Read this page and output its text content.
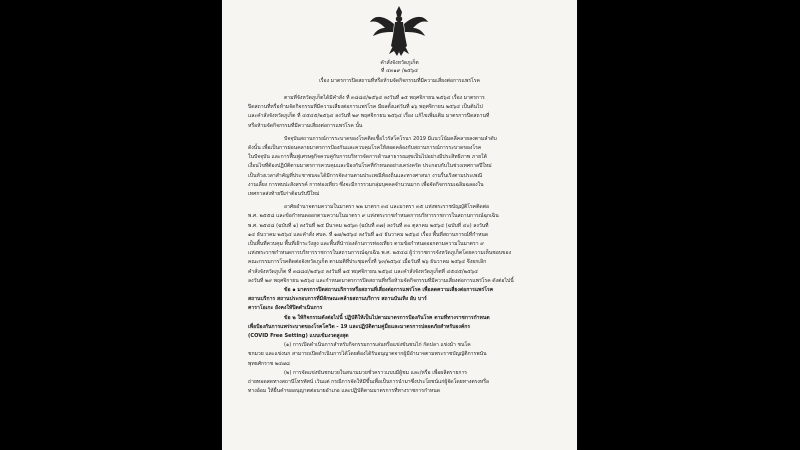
คำสั่งจังหวัดภูเก็ต
ที่ ๔๓๑๙ /๒๕๖๔
เรื่อง มาตรการปิดสถานที่หรือห้ามจัดกิจกรรมที่มีความเสี่ยงต่อการแพร่โรค
ตามที่จังหวัดภูเก็ตได้มีคำสั่ง ที่ ๓๘๘๔/๒๕๖๔ ลงวันที่ ๑๕ พฤศจิกายน ๒๕๖๔ เรื่อง มาตรการ
ปิดสถานที่หรือห้ามจัดกิจกรรมที่มีความเสี่ยงต่อการแพร่โรค มีผลตั้งแต่วันที่ ๑๖ พฤศจิกายน ๒๕๖๔ เป็นต้นไป
และคำสั่งจังหวัดภูเก็ต ที่ ๔๕๔๕/๒๕๖๔ ลงวันที่ ๒๙ พฤศจิกายน ๒๕๖๔ เรื่อง แก้ไขเพิ่มเติม มาตรการปิดสถานที่
หรือห้ามจัดกิจกรรมที่มีความเสี่ยงต่อการแพร่โรค นั้น
ปัจจุบันสถานการณ์การระบาดของโรคติดเชื้อไวรัสโคโรนา 2019 มีแนวโน้มคลี่คลายลงตามลำดับ
ดังนั้น เพื่อเป็นการผ่อนคลายมาตรการป้องกันและควบคุมโรคให้สอดคล้องกับสถานการณ์การระบาดของโรค
ในปัจจุบัน และการฟื้นฟูเศรษฐกิจควบคู่กับการบริหารจัดการด้านสาธารณสุขเป็นไปอย่างมีประสิทธิภาพ ภายใต้
เงื่อนไขที่ต้องปฏิบัติตามมาตรการควบคุมและป้องกันโรคที่กำหนดอย่างเคร่งครัด ประกอบกับในช่วงเทศกาลปีใหม่
เป็นห้วงเวลาสำคัญที่ประชาชนจะได้มีการจัดงานตามประเพณีท้องถิ่นและทางศาสนา งานรื่นเริงตามประเพณี
งานเลี้ยง การพบปะสังสรรค์ การท่องเที่ยว ซึ่งจะมีการรวมกลุ่มบุคคลจำนวนมาก เพื่อจัดกิจกรรมเฉลิมฉลองใน
เทศกาลส่งท้ายปีเก่าต้อนรับปีใหม่
อาศัยอำนาจตามความในมาตรา ๒๒ มาตรา ๓๔ และมาตรา ๓๕ แห่งพระราชบัญญัติโรคติดต่อ
พ.ศ. ๒๕๕๘ และข้อกำหนดออกตามความในมาตรา ๙ แห่งพระราชกำหนดการบริหารราชการในสถานการณ์ฉุกเฉิน
พ.ศ. ๒๕๔๘ (ฉบับที่ ๑) ลงวันที่ ๒๕ มีนาคม ๒๕๖๓ (ฉบับที่ ๓๗) ลงวันที่ ๓๐ ตุลาคม ๒๕๖๔ (ฉบับที่ ๔๐) ลงวันที่
๑๔ ธันวาคม ๒๕๖๔ และคำสั่ง ศบค. ที่ ๑๗/๒๕๖๔ ลงวันที่ ๑๔ ธันวาคม ๒๕๖๔ เรื่อง พื้นที่สถานการณ์ที่กำหนด
เป็นพื้นที่ควบคุม พื้นที่เฝ้าระวังสูง และพื้นที่นำร่องด้านการท่องเที่ยว ตามข้อกำหนดออกตามความในมาตรา ๙
แห่งพระราชกำหนดการบริหารราชการในสถานการณ์ฉุกเฉิน พ.ศ. ๒๕๔๘ ผู้ว่าราชการจังหวัดภูเก็ตโดยความเห็นชอบของ
คณะกรรมการโรคติดต่อจังหวัดภูเก็ต ตามมติที่ประชุมครั้งที่ ๖๓/๒๕๖๔ เมื่อวันที่ ๒๖ ธันวาคม ๒๕๖๔ จึงยกเลิก
คำสั่งจังหวัดภูเก็ต ที่ ๓๘๘๔/๒๕๖๔ ลงวันที่ ๑๕ พฤศจิกายน ๒๕๖๔ และคำสั่งจังหวัดภูเก็ตที่ ๔๕๔๕/๒๕๖๔
ลงวันที่ ๒๙ พฤศจิกายน ๒๕๖๔ และกำหนดมาตรการปิดสถานที่หรือห้ามจัดกิจกรรมที่มีความเสี่ยงต่อการแพร่โรค ดังต่อไปนี้
ข้อ ๑ มาตรการปิดสถานบริการหรือสถานที่เสี่ยงต่อการแพร่โรค เพื่อลดความเสี่ยงต่อการแพร่โรค
สถานบริการ สถานประกอบการที่มีลักษณะคล้ายสถานบริการ สถานบันเทิง ผับ บาร์
คาราโอเกะ ยังคงให้ปิดดำเนินการ
ข้อ ๒ ให้กิจกรรมดังต่อไปนี้ ปฏิบัติให้เป็นไปตามมาตรการป้องกันโรค ตามที่ทางราชการกำหนด
เพื่อป้องกันการแพร่ระบาดของโรคโควิด - 19 และปฏิบัติตามคู่มือและมาตรการปลอดภัยสำหรับองค์กร
(COVID Free Setting) แบบเข้มงวดสูงสุด
(๑) การเปิดดำเนินการสำหรับกิจกรรมการเล่นหรือแข่งขันชนไก่ กัดปลา แข่งม้า ชนโค
ชกมวย และแข่งนก สามารถเปิดดำเนินการได้โดยต้องได้รับอนุญาตจากผู้มีอำนาจตามพระราชบัญญัติการพนัน
พุทธศักราช ๒๔๗๘
(๒) การจัดแข่งขันชกมวยในสนามมวยชั่วคราวแบบมีผู้ชม และ/หรือ เพื่อผลิตรายการ
ถ่ายทอดสดทางสถานีโทรทัศน์ เว้นแต่ กรณีการจัดให้มีขึ้นเพื่อเป็นการนำมาซึ่งประโยชน์แก่ผู้จัดโดยทางตรงหรือ
ทางอ้อม ให้ยื่นคำขออนุญาตต่อนายอำเภอ และปฏิบัติตามมาตรการที่ทางราชการกำหนด
